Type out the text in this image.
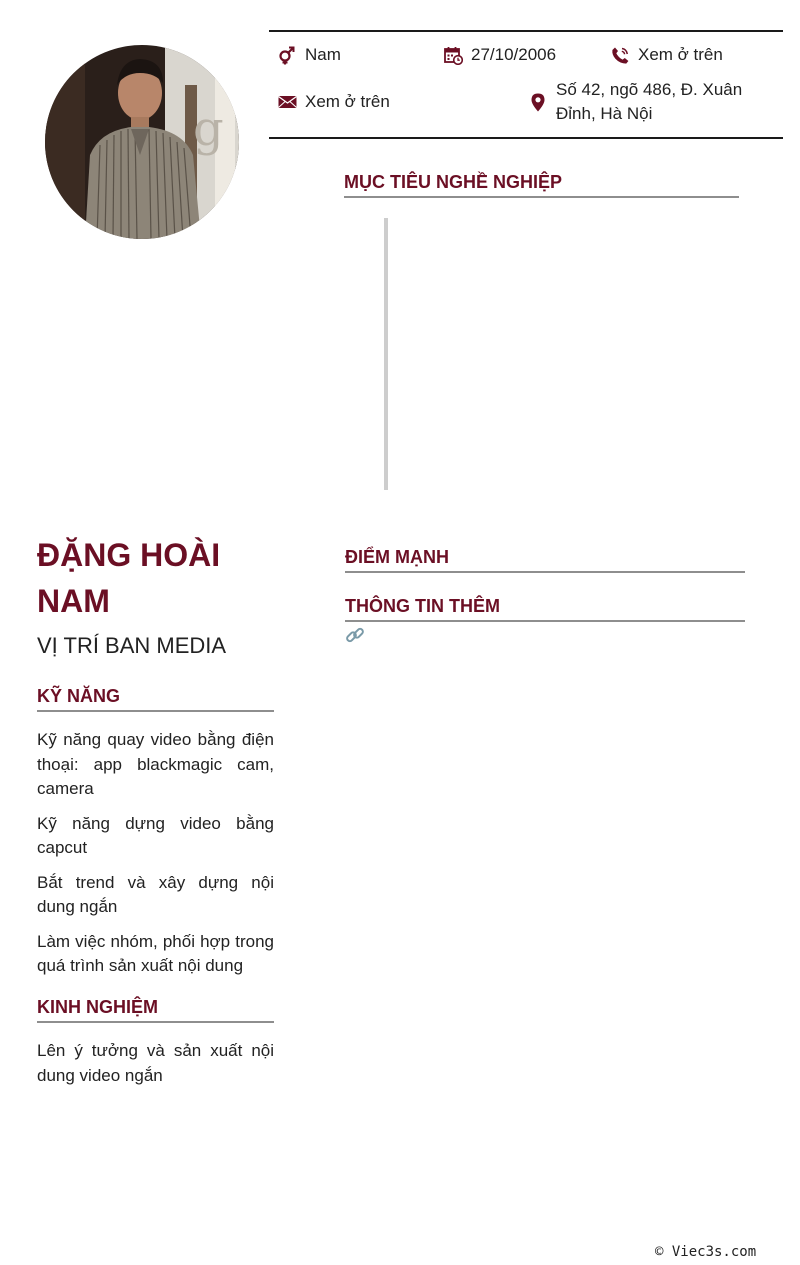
g
Nam	27/10/2006	Xem ở trên
Xem ở trên
Số 42, ngõ 486, Đ. Xuân Đỉnh, Hà Nội
MỤC TIÊU NGHỀ NGHIỆP
ĐẶNG HOÀI NAM
VỊ TRÍ BAN MEDIA
KỸ NĂNG

Kỹ năng quay video bằng điện thoại: app blackmagic cam, camera

Kỹ năng dựng video bằng capcut

Bắt trend và xây dựng nội dung ngắn

Làm việc nhóm, phối hợp trong quá trình sản xuất nội dung

KINH NGHIỆM

Lên ý tưởng và sản xuất nội dung video ngắn

ĐIỂM MẠNH
THÔNG TIN THÊM
© Viec3s.com
